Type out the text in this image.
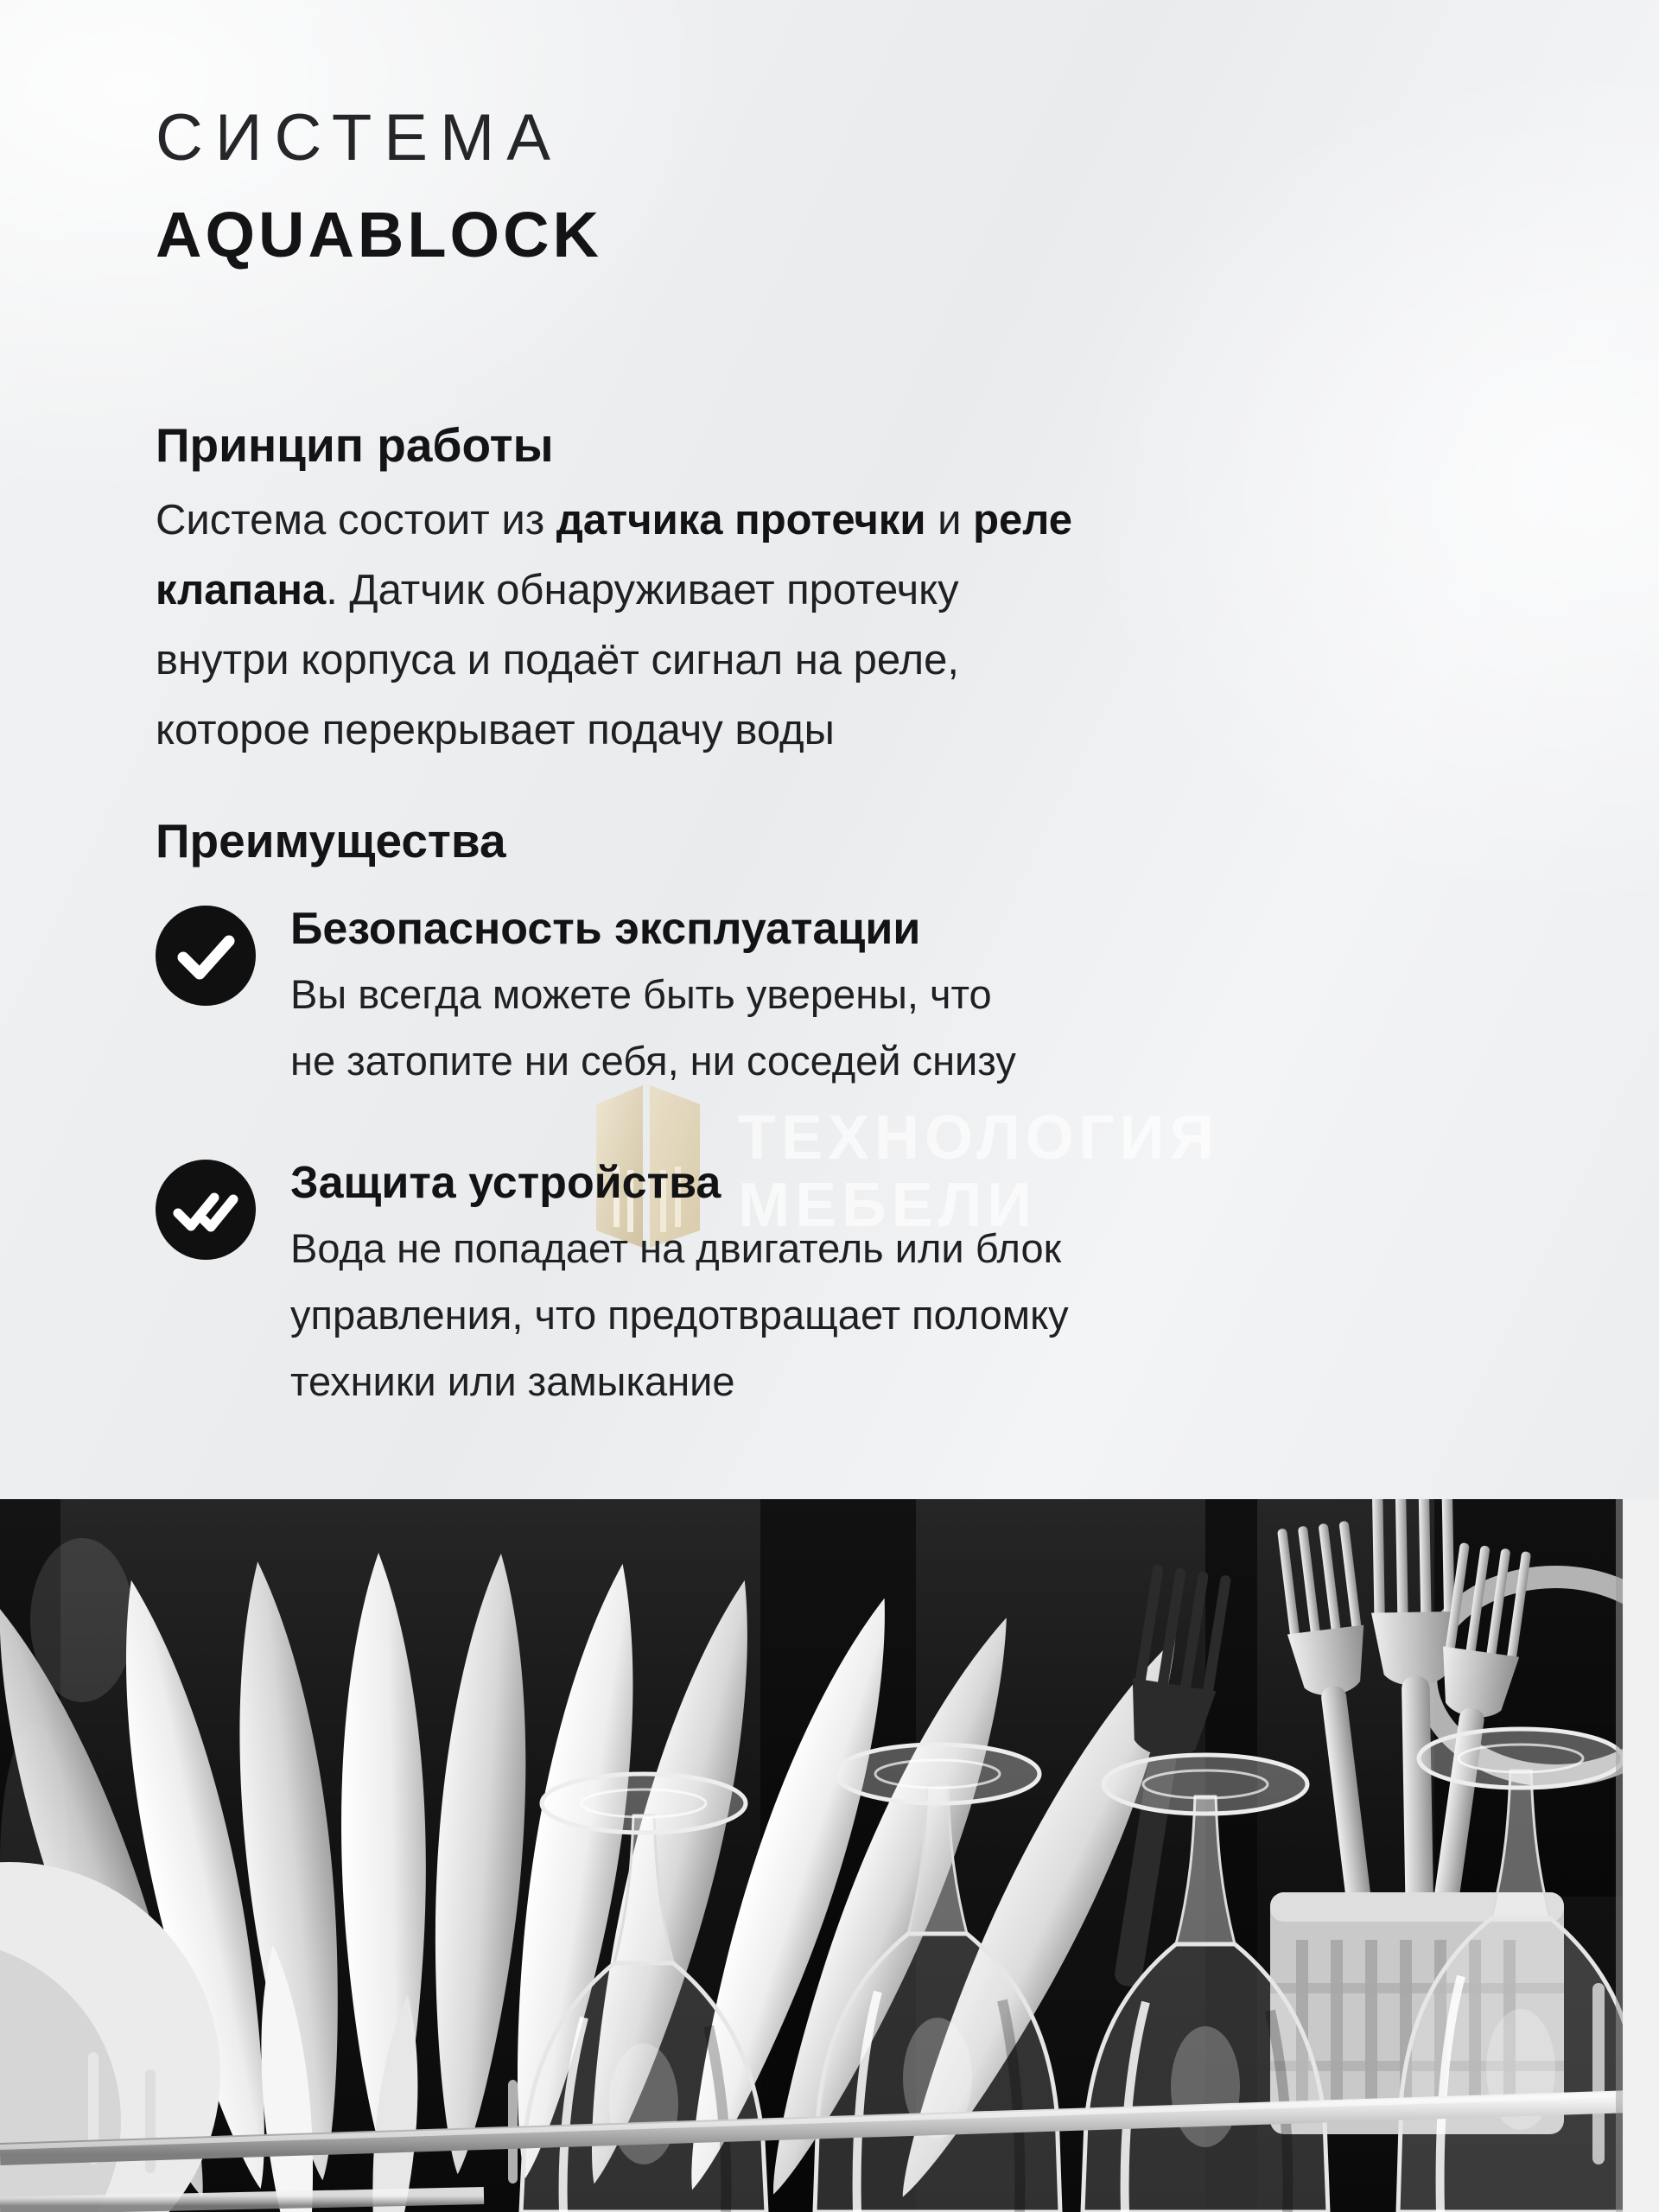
ТЕХНОЛОГИЯ
МЕБЕЛИ
СИСТЕМА
AQUABLOCK
Принцип работы
Система состоит из датчика протечки и реле
клапана. Датчик обнаруживает протечку
внутри корпуса и подаёт сигнал на реле,
которое перекрывает подачу воды
Преимущества
Безопасность эксплуатации
Вы всегда можете быть уверены, что
не затопите ни себя, ни соседей снизу
Защита устройства
Вода не попадает на двигатель или блок
управления, что предотвращает поломку
техники или замыкание
